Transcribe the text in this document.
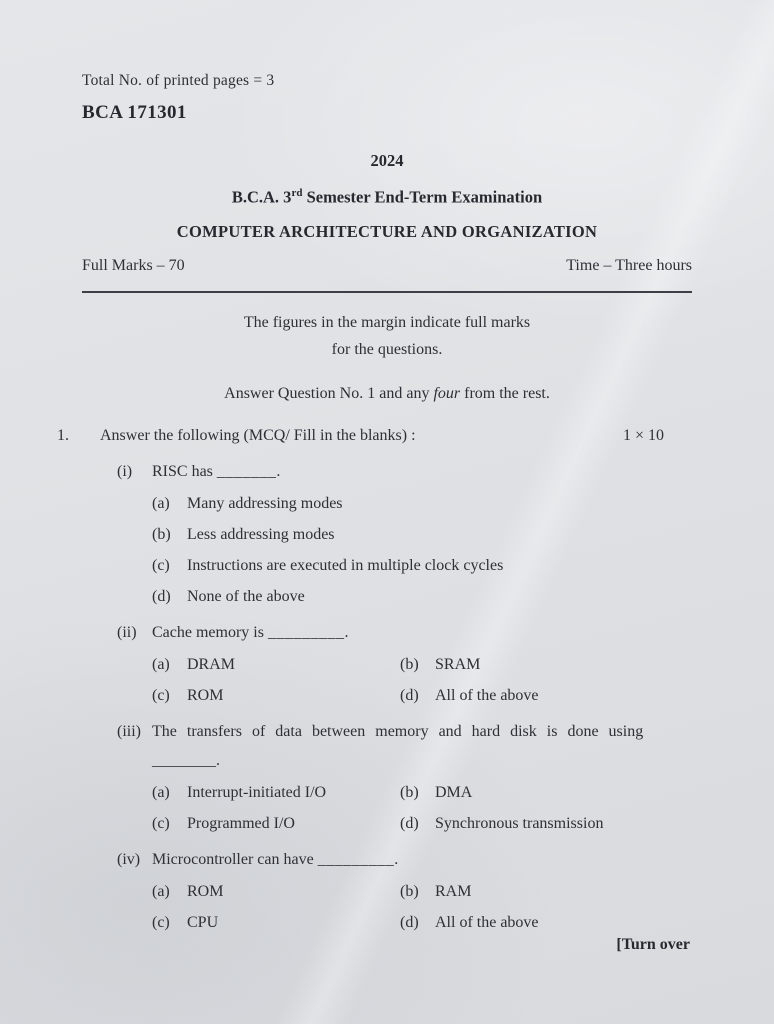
Total No. of printed pages = 3
BCA 171301
2024
B.C.A. 3rd Semester End-Term Examination
COMPUTER ARCHITECTURE AND ORGANIZATION
Full Marks – 70	Time – Three hours
The figures in the margin indicate full marks
for the questions.
Answer Question No. 1 and any four from the rest.
1.	Answer the following (MCQ/ Fill in the blanks) :	1 × 10
(i)	RISC has _______.
(a)	Many addressing modes
(b)	Less addressing modes
(c)	Instructions are executed in multiple clock cycles
(d)	None of the above
(ii) Cache memory is _________.
(a)	DRAM	(b)	SRAM
(c)	ROM	(d)	All of the above
(iii) The transfers of data between memory and hard disk is done using
________.
(a)	Interrupt-initiated I/O	(b)	DMA
(c)	Programmed I/O	(d)	Synchronous transmission
(iv) Microcontroller can have _________.
(a)	ROM	(b)	RAM
(c)	CPU	(d)	All of the above
[Turn over
